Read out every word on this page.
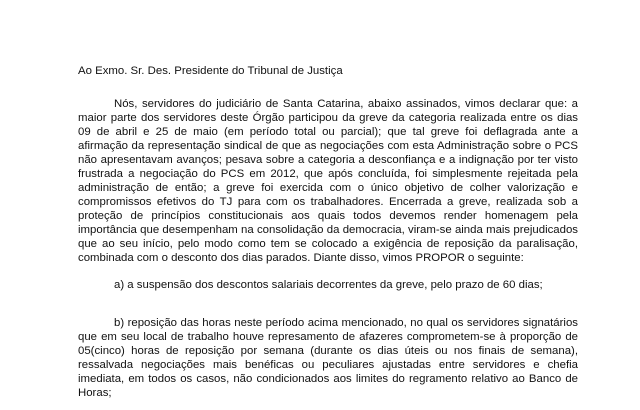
Ao Exmo. Sr. Des. Presidente do Tribunal de Justiça

Nós, servidores do judiciário de Santa Catarina, abaixo assinados, vimos declarar que: a maior parte dos servidores deste Órgão participou da greve da categoria realizada entre os dias 09 de abril e 25 de maio (em período total ou parcial); que tal greve foi deflagrada ante a afirmação da representação sindical de que as negociações com esta Administração sobre o PCS não apresentavam avanços; pesava sobre a categoria a desconfiança e a indignação por ter visto frustrada a negociação do PCS em 2012, que após concluída, foi simplesmente rejeitada pela administração de então; a greve foi exercida com o único objetivo de colher valorização e compromissos efetivos do TJ para com os trabalhadores. Encerrada a greve, realizada sob a proteção de princípios constitucionais aos quais todos devemos render homenagem pela importância que desempenham na consolidação da democracia, viram-se ainda mais prejudicados que ao seu início, pelo modo como tem se colocado a exigência de reposição da paralisação, combinada com o desconto dos dias parados. Diante disso, vimos PROPOR o seguinte:

a) a suspensão dos descontos salariais decorrentes da greve, pelo prazo de 60 dias;

b) reposição das horas neste período acima mencionado, no qual os servidores signatários que em seu local de trabalho houve represamento de afazeres comprometem-se à proporção de 05(cinco) horas de reposição por semana (durante os dias úteis ou nos finais de semana), ressalvada negociações mais benéficas ou peculiares ajustadas entre servidores e chefia imediata, em todos os casos, não condicionados aos limites do regramento relativo ao Banco de Horas;
